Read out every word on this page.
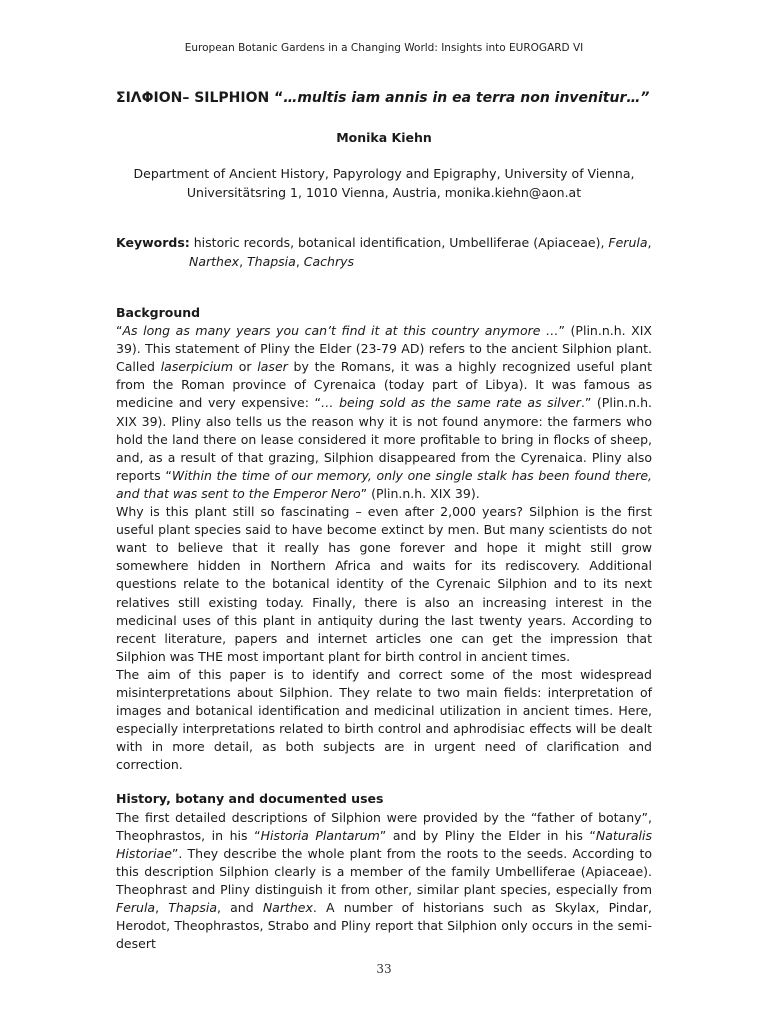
European Botanic Gardens in a Changing World: Insights into EUROGARD VI
ΣΙΛΦΙΟΝ– SILPHION “…multis iam annis in ea terra non invenitur…”
Monika Kiehn
Department of Ancient History, Papyrology and Epigraphy, University of Vienna,
Universitätsring 1, 1010 Vienna, Austria, monika.kiehn@aon.at
Keywords: historic records, botanical identification, Umbelliferae (Apiaceae), Ferula,
Narthex, Thapsia, Cachrys

Background

“As long as many years you can’t find it at this country anymore …” (Plin.n.h. XIX 39). This statement of Pliny the Elder (23-79 AD) refers to the ancient Silphion plant. Called laserpicium or laser by the Romans, it was a highly recognized useful plant from the Roman province of Cyrenaica (today part of Libya). It was famous as medicine and very expensive: “… being sold as the same rate as silver.” (Plin.n.h. XIX 39). Pliny also tells us the reason why it is not found anymore: the farmers who hold the land there on lease considered it more profitable to bring in flocks of sheep, and, as a result of that grazing, Silphion disappeared from the Cyrenaica. Pliny also reports “Within the time of our memory, only one single stalk has been found there, and that was sent to the Emperor Nero” (Plin.n.h. XIX 39).

Why is this plant still so fascinating – even after 2,000 years? Silphion is the first useful plant species said to have become extinct by men. But many scientists do not want to believe that it really has gone forever and hope it might still grow somewhere hidden in Northern Africa and waits for its rediscovery. Additional questions relate to the botanical identity of the Cyrenaic Silphion and to its next relatives still existing today. Finally, there is also an increasing interest in the medicinal uses of this plant in antiquity during the last twenty years. According to recent literature, papers and internet articles one can get the impression that Silphion was THE most important plant for birth control in ancient times.

The aim of this paper is to identify and correct some of the most widespread misinterpretations about Silphion. They relate to two main fields: interpretation of images and botanical identification and medicinal utilization in ancient times. Here, especially interpretations related to birth control and aphrodisiac effects will be dealt with in more detail, as both subjects are in urgent need of clarification and correction.

History, botany and documented uses

The first detailed descriptions of Silphion were provided by the “father of botany”, Theophrastos, in his “Historia Plantarum” and by Pliny the Elder in his “Naturalis Historiae”. They describe the whole plant from the roots to the seeds. According to this description Silphion clearly is a member of the family Umbelliferae (Apiaceae). Theophrast and Pliny distinguish it from other, similar plant species, especially from Ferula, Thapsia, and Narthex. A number of historians such as Skylax, Pindar, Herodot, Theophrastos, Strabo and Pliny report that Silphion only occurs in the semi-desert

33
